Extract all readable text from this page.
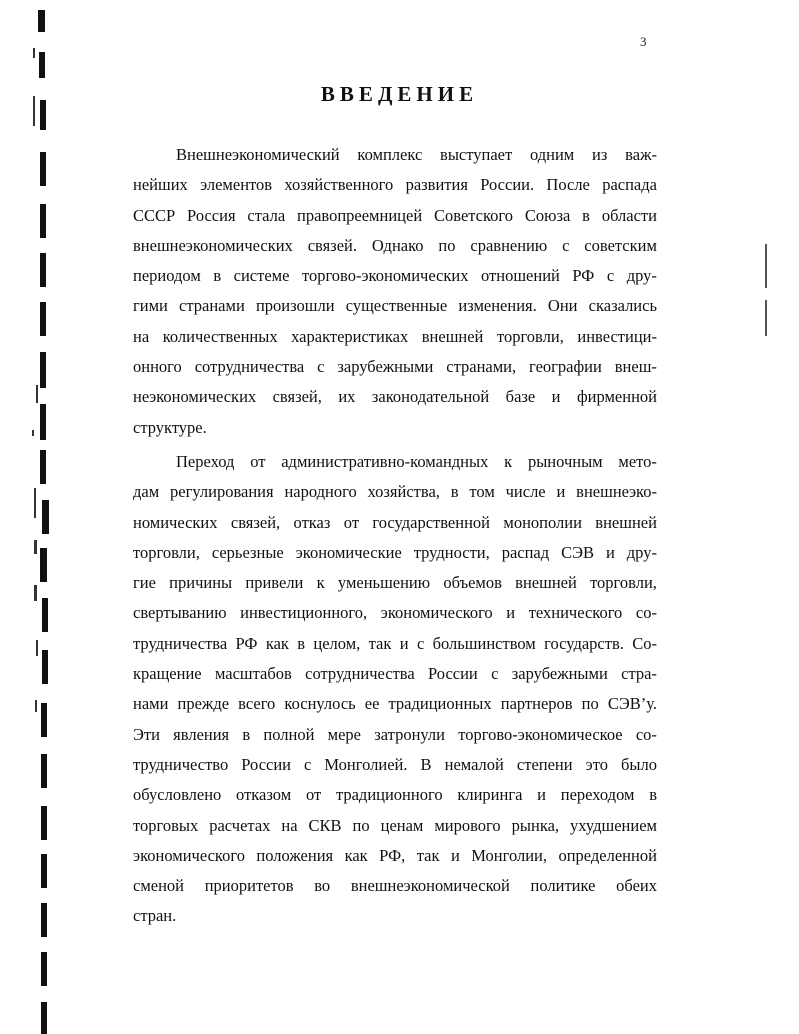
3
ВВЕДЕНИЕ
Внешнеэкономический комплекс выступает одним из важ-
нейших элементов хозяйственного развития России. После распада
СССР Россия стала правопреемницей Советского Союза в области
внешнеэкономических связей. Однако по сравнению с советским
периодом в системе торгово-экономических отношений РФ с дру-
гими странами произошли существенные изменения. Они сказались
на количественных характеристиках внешней торговли, инвестици-
онного сотрудничества с зарубежными странами, географии внеш-
неэкономических связей, их законодательной базе и фирменной
структуре.
Переход от административно-командных к рыночным мето-
дам регулирования народного хозяйства, в том числе и внешнеэко-
номических связей, отказ от государственной монополии внешней
торговли, серьезные экономические трудности, распад СЭВ и дру-
гие причины привели к уменьшению объемов внешней торговли,
свертыванию инвестиционного, экономического и технического со-
трудничества РФ как в целом, так и с большинством государств. Со-
кращение масштабов сотрудничества России с зарубежными стра-
нами прежде всего коснулось ее традиционных партнеров по СЭВ’у.
Эти явления в полной мере затронули торгово-экономическое со-
трудничество России с Монголией. В немалой степени это было
обусловлено отказом от традиционного клиринга и переходом в
торговых расчетах на СКВ по ценам мирового рынка, ухудшением
экономического положения как РФ, так и Монголии, определенной
сменой приоритетов во внешнеэкономической политике обеих
стран.
